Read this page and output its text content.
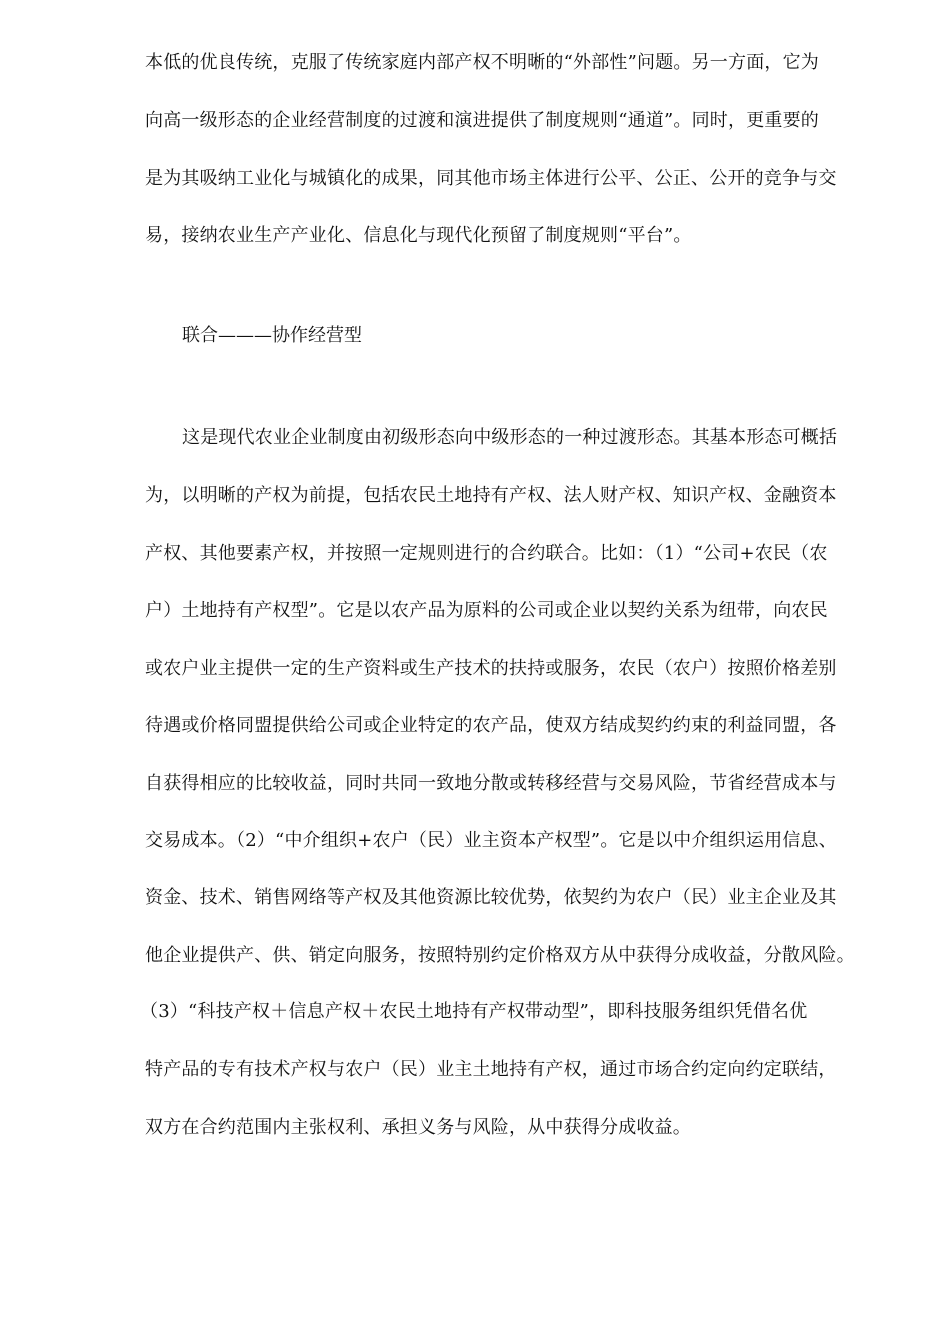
本低的优良传统，克服了传统家庭内部产权不明晰的“外部性”问题。另一方面，它为
向高一级形态的企业经营制度的过渡和演进提供了制度规则“通道”。同时，更重要的
是为其吸纳工业化与城镇化的成果，同其他市场主体进行公平、公正、公开的竞争与交
易，接纳农业生产产业化、信息化与现代化预留了制度规则“平台”。
联合———协作经营型
这是现代农业企业制度由初级形态向中级形态的一种过渡形态。其基本形态可概括
为，以明晰的产权为前提，包括农民土地持有产权、法人财产权、知识产权、金融资本
产权、其他要素产权，并按照一定规则进行的合约联合。比如：（1）“公司+农民（农
户）土地持有产权型”。它是以农产品为原料的公司或企业以契约关系为纽带，向农民
或农户业主提供一定的生产资料或生产技术的扶持或服务，农民（农户）按照价格差别
待遇或价格同盟提供给公司或企业特定的农产品，使双方结成契约约束的利益同盟，各
自获得相应的比较收益，同时共同一致地分散或转移经营与交易风险，节省经营成本与
交易成本。（2）“中介组织+农户（民）业主资本产权型”。它是以中介组织运用信息、
资金、技术、销售网络等产权及其他资源比较优势，依契约为农户（民）业主企业及其
他企业提供产、供、销定向服务，按照特别约定价格双方从中获得分成收益，分散风险。
（3）“科技产权＋信息产权＋农民土地持有产权带动型”，即科技服务组织凭借名优
特产品的专有技术产权与农户（民）业主土地持有产权，通过市场合约定向约定联结，
双方在合约范围内主张权利、承担义务与风险，从中获得分成收益。
